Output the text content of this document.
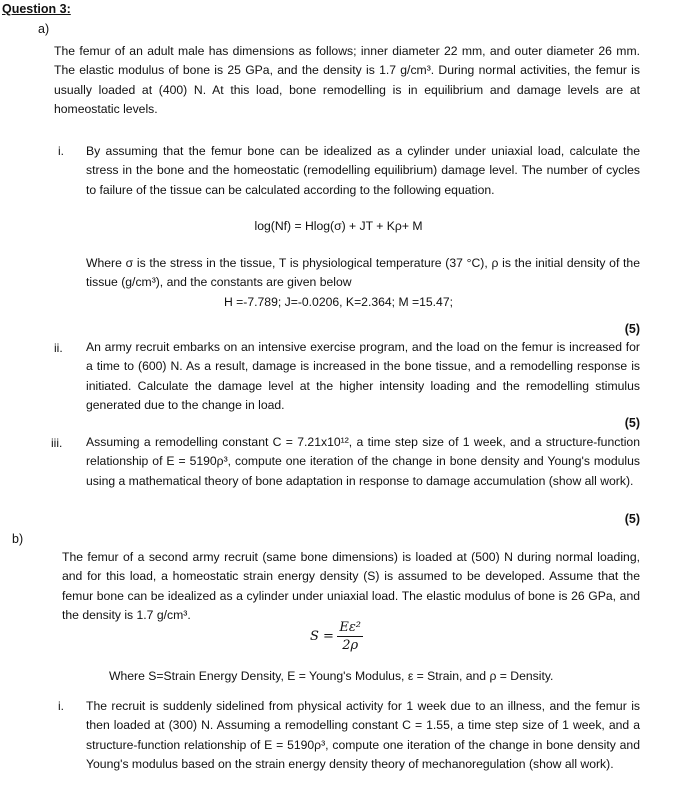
Question 3:
a)
The femur of an adult male has dimensions as follows; inner diameter 22 mm, and outer diameter 26 mm. The elastic modulus of bone is 25 GPa, and the density is 1.7 g/cm³. During normal activities, the femur is usually loaded at (400) N. At this load, bone remodelling is in equilibrium and damage levels are at homeostatic levels.
i. By assuming that the femur bone can be idealized as a cylinder under uniaxial load, calculate the stress in the bone and the homeostatic (remodelling equilibrium) damage level. The number of cycles to failure of the tissue can be calculated according to the following equation.
log(Nf) = Hlog(σ) + JT + Kρ+ M
Where σ is the stress in the tissue, T is physiological temperature (37 °C), ρ is the initial density of the tissue (g/cm³), and the constants are given below
H =-7.789; J=-0.0206, K=2.364; M =15.47;
(5)
ii. An army recruit embarks on an intensive exercise program, and the load on the femur is increased for a time to (600) N. As a result, damage is increased in the bone tissue, and a remodelling response is initiated. Calculate the damage level at the higher intensity loading and the remodelling stimulus generated due to the change in load.
(5)
iii. Assuming a remodelling constant C = 7.21x10¹², a time step size of 1 week, and a structure-function relationship of E = 5190ρ³, compute one iteration of the change in bone density and Young's modulus using a mathematical theory of bone adaptation in response to damage accumulation (show all work).
(5)
b)
The femur of a second army recruit (same bone dimensions) is loaded at (500) N during normal loading, and for this load, a homeostatic strain energy density (S) is assumed to be developed. Assume that the femur bone can be idealized as a cylinder under uniaxial load. The elastic modulus of bone is 26 GPa, and the density is 1.7 g/cm³.
$S = \frac{\text{Eε²}}{2\rho}$
Where S=Strain Energy Density, E = Young's Modulus, ε = Strain, and ρ = Density.
i. The recruit is suddenly sidelined from physical activity for 1 week due to an illness, and the femur is then loaded at (300) N. Assuming a remodelling constant C = 1.55, a time step size of 1 week, and a structure-function relationship of E = 5190ρ³, compute one iteration of the change in bone density and Young's modulus based on the strain energy density theory of mechanoregulation (show all work).
